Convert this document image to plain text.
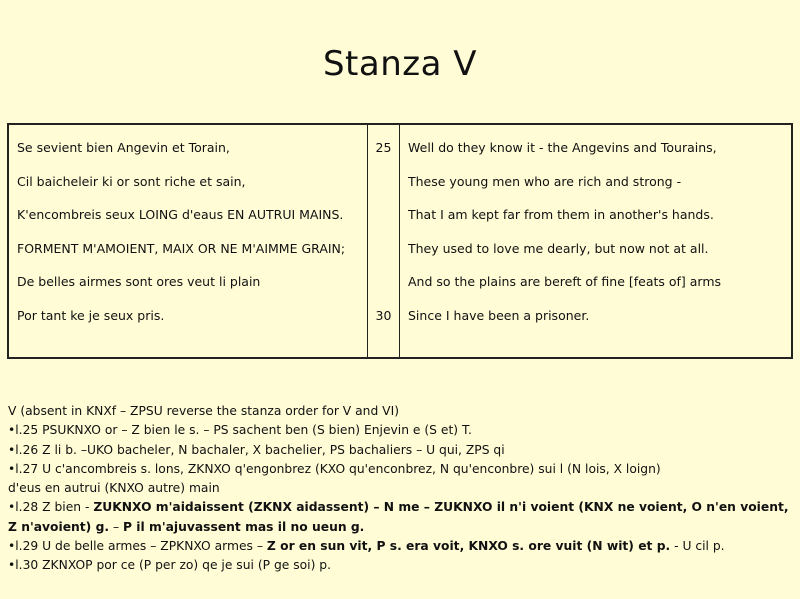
Stanza V
Se sevient bien Angevin et Torain,
Cil baicheleir ki or sont riche et sain,
K'encombreis seux LOING d'eaus EN AUTRUI MAINS.
FORMENT M'AMOIENT, MAIX OR NE M'AIMME GRAIN;
De belles airmes sont ores veut li plain
Por tant ke je seux pris.
25
30
Well do they know it - the Angevins and Tourains,
These young men who are rich and strong -
That I am kept far from them in another's hands.
They used to love me dearly, but now not at all.
And so the plains are bereft of fine [feats of] arms
Since I have been a prisoner.
V (absent in KNXf – ZPSU reverse the stanza order for V and VI)
•l.25 PSUKNXO or – Z bien le s. – PS sachent ben (S bien) Enjevin e (S et) T.
•l.26 Z li b. –UKO bacheler, N bachaler, X bachelier, PS bachaliers – U qui, ZPS qi
•l.27 U c'ancombreis s. lons, ZKNXO q'engonbrez (KXO qu'enconbrez, N qu'enconbre) sui l (N lois, X loign)
d'eus en autrui (KNXO autre) main
•l.28 Z bien - ZUKNXO m'aidaissent (ZKNX aidassent) – N me – ZUKNXO il n'i voient (KNX ne voient, O n'en voient,
Z n'avoient) g. – P il m'ajuvassent mas il no ueun g.
•l.29 U de belle armes – ZPKNXO armes – Z or en sun vit, P s. era voit, KNXO s. ore vuit (N wit) et p. - U cil p.
•l.30 ZKNXOP por ce (P per zo) qe je sui (P ge soi) p.
